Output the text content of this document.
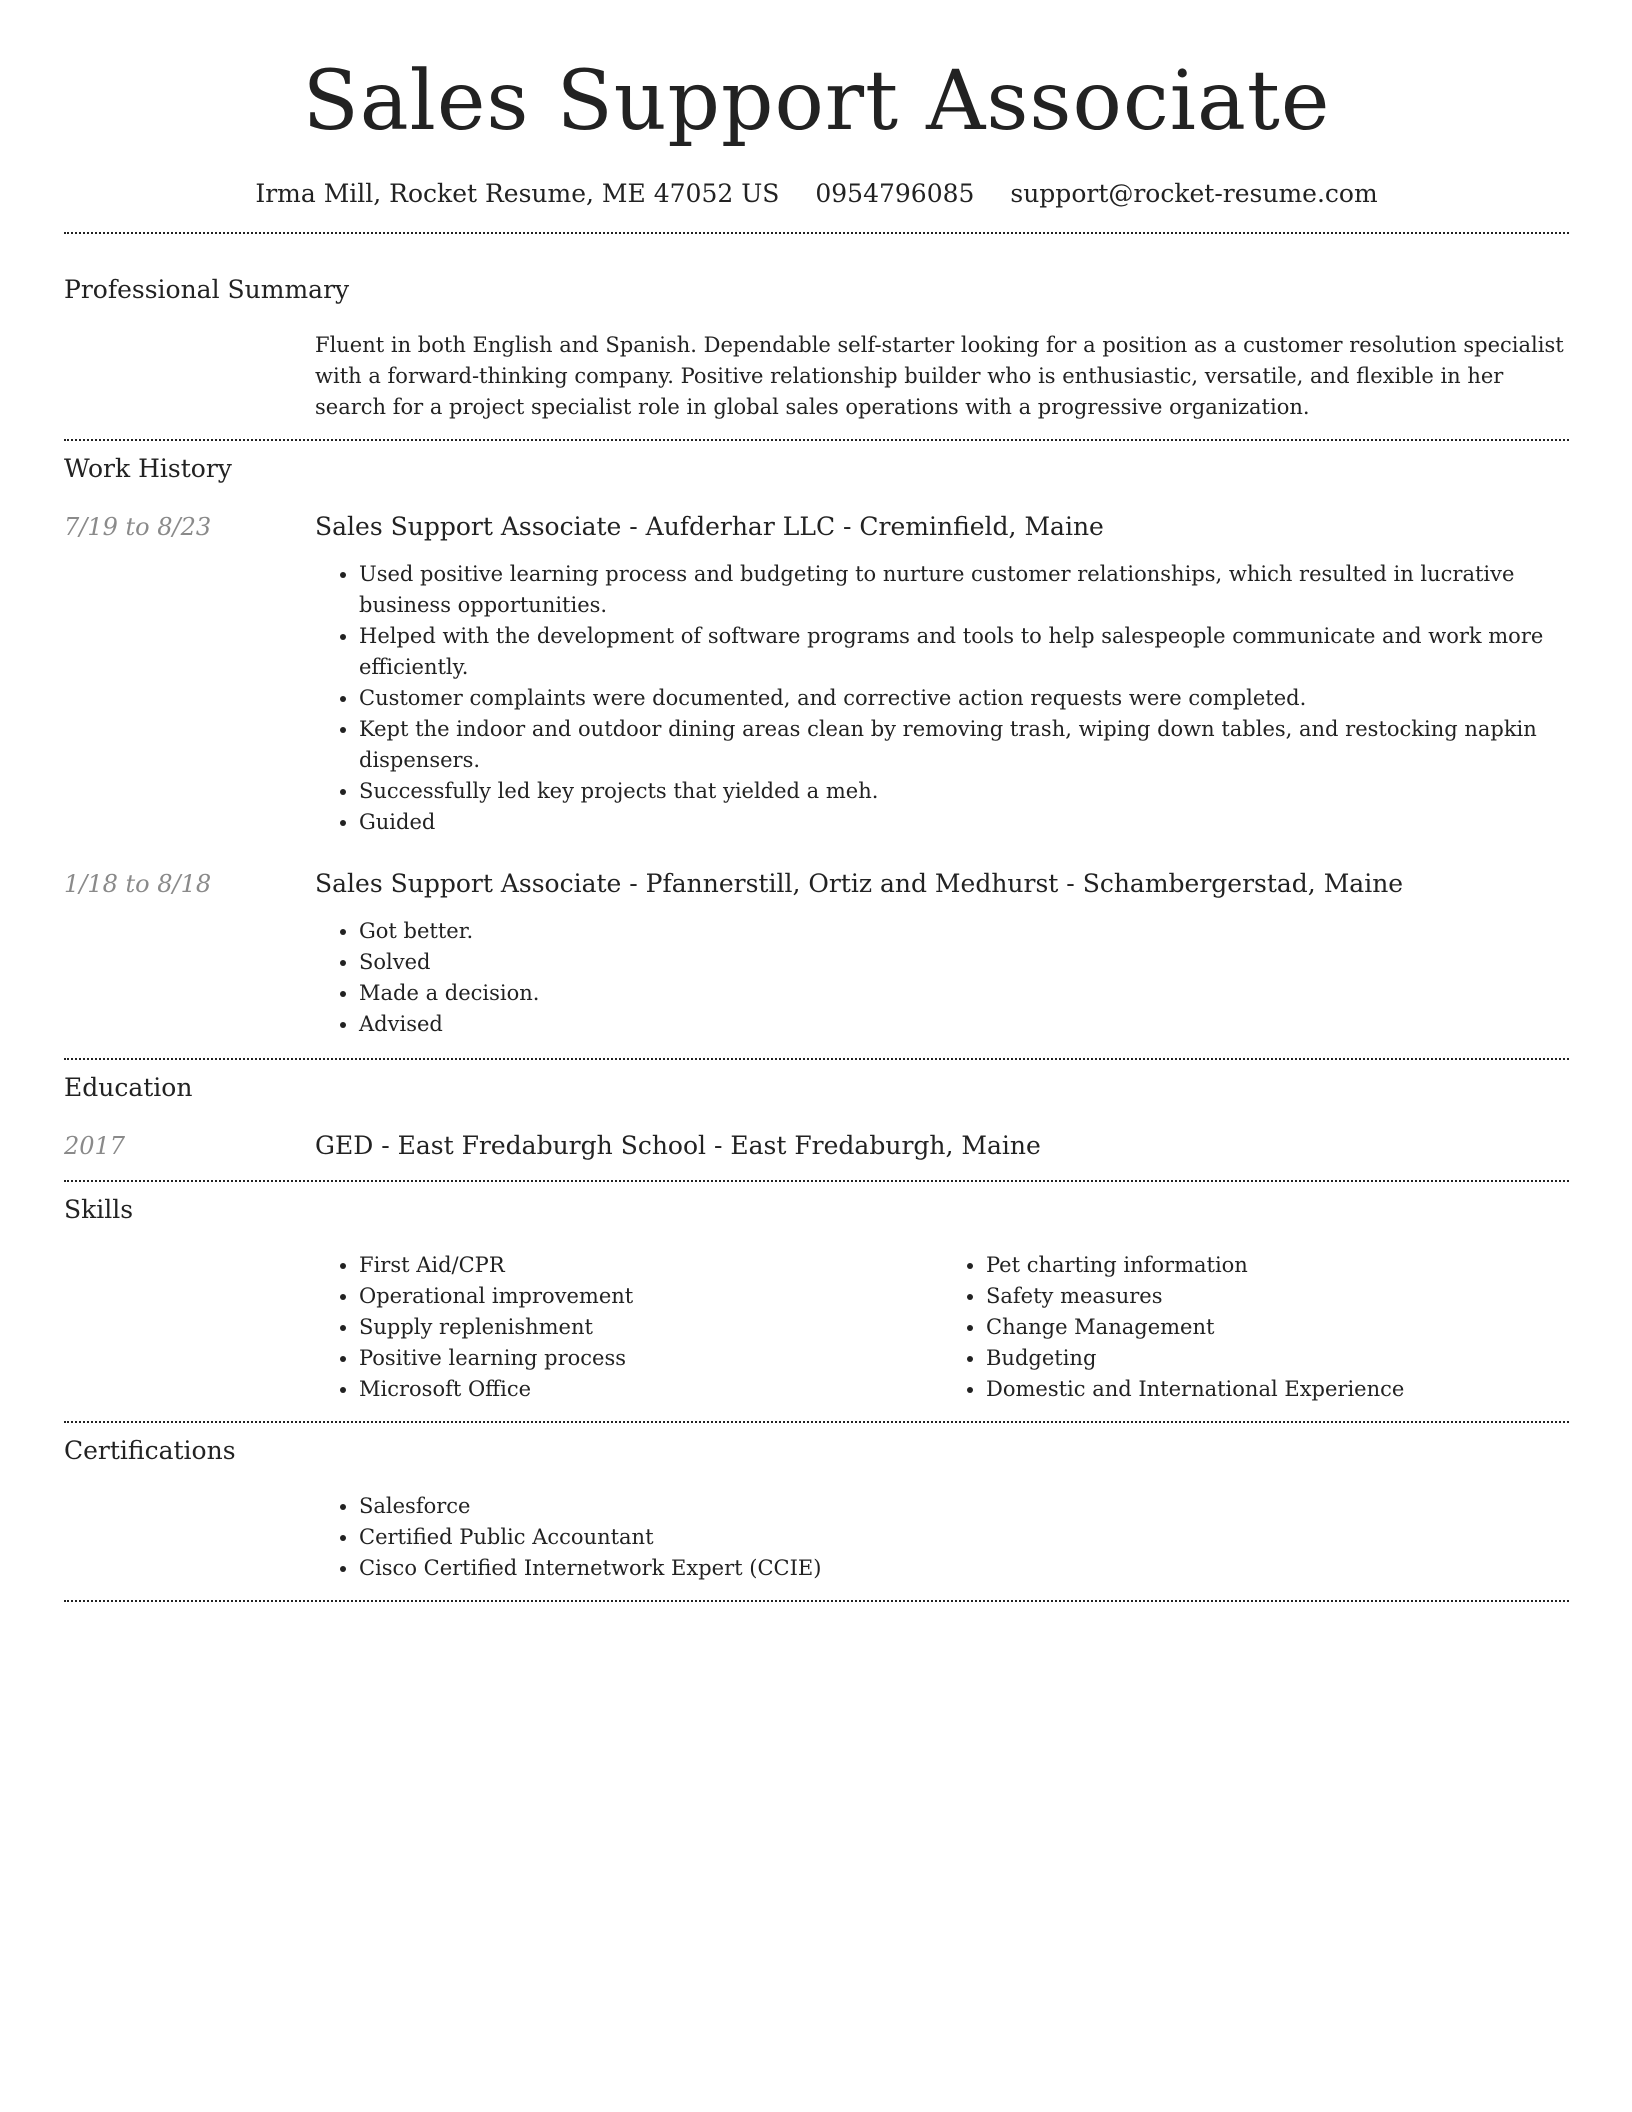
Sales Support Associate
Irma Mill, Rocket Resume, ME 47052 US 0954796085 support@rocket-resume.com
Professional Summary

Fluent in both English and Spanish. Dependable self-starter looking for a position as a customer resolution specialist with a forward-thinking company. Positive relationship builder who is enthusiastic, versatile, and flexible in her search for a project specialist role in global sales operations with a progressive organization.

Work History
7/19 to 8/23	Sales Support Associate - Aufderhar LLC - Creminfield, Maine
• Used positive learning process and budgeting to nurture customer relationships, which resulted in lucrative business opportunities.
• Helped with the development of software programs and tools to help salespeople communicate and work more efficiently.
• Customer complaints were documented, and corrective action requests were completed.
• Kept the indoor and outdoor dining areas clean by removing trash, wiping down tables, and restocking napkin dispensers.
• Successfully led key projects that yielded a meh.
• Guided
1/18 to 8/18	Sales Support Associate - Pfannerstill, Ortiz and Medhurst - Schambergerstad, Maine
• Got better.
• Solved
• Made a decision.
• Advised
Education
2017	GED - East Fredaburgh School - East Fredaburgh, Maine
Skills
• First Aid/CPR
• Operational improvement
• Supply replenishment
• Positive learning process
• Microsoft Office
• Pet charting information
• Safety measures
• Change Management
• Budgeting
• Domestic and International Experience
Certifications
• Salesforce
• Certified Public Accountant
• Cisco Certified Internetwork Expert (CCIE)
